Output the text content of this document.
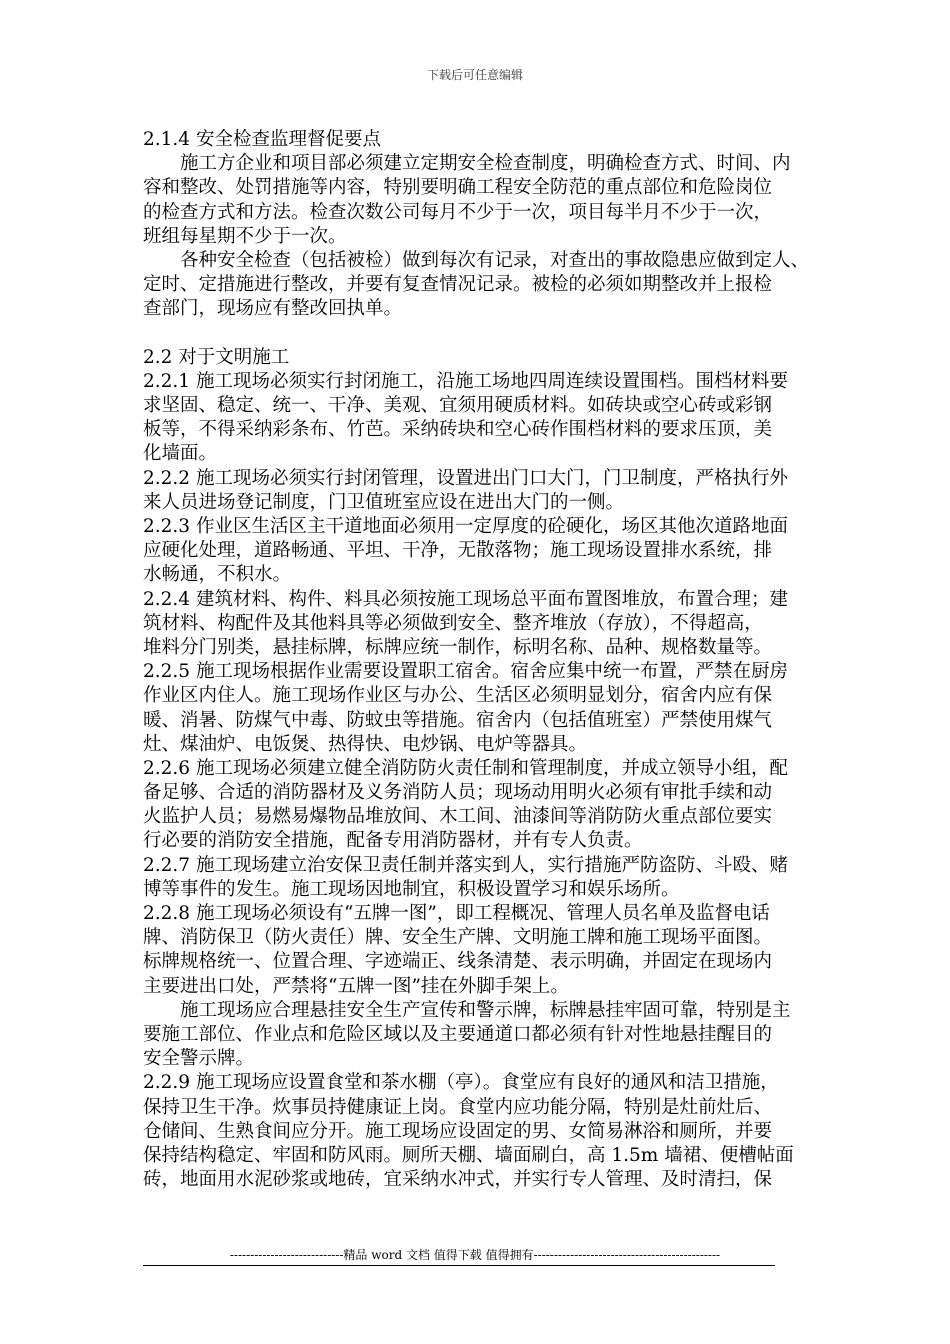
下载后可任意编辑
2.1.4 安全检查监理督促要点
　　施工方企业和项目部必须建立定期安全检查制度，明确检查方式、时间、内
容和整改、处罚措施等内容，特别要明确工程安全防范的重点部位和危险岗位
的检查方式和方法。检查次数公司每月不少于一次，项目每半月不少于一次，
班组每星期不少于一次。
　　各种安全检查（包括被检）做到每次有记录，对查出的事故隐患应做到定人、
定时、定措施进行整改，并要有复查情况记录。被检的必须如期整改并上报检
查部门，现场应有整改回执单。
2.2 对于文明施工
2.2.1 施工现场必须实行封闭施工，沿施工场地四周连续设置围档。围档材料要
求坚固、稳定、统一、干净、美观、宜须用硬质材料。如砖块或空心砖或彩钢
板等，不得采纳彩条布、竹芭。采纳砖块和空心砖作围档材料的要求压顶，美
化墙面。
2.2.2 施工现场必须实行封闭管理，设置进出门口大门，门卫制度，严格执行外
来人员进场登记制度，门卫值班室应设在进出大门的一侧。
2.2.3 作业区生活区主干道地面必须用一定厚度的砼硬化，场区其他次道路地面
应硬化处理，道路畅通、平坦、干净，无散落物；施工现场设置排水系统，排
水畅通，不积水。
2.2.4 建筑材料、构件、料具必须按施工现场总平面布置图堆放，布置合理；建
筑材料、构配件及其他料具等必须做到安全、整齐堆放（存放），不得超高，
堆料分门别类，悬挂标牌，标牌应统一制作，标明名称、品种、规格数量等。
2.2.5 施工现场根据作业需要设置职工宿舍。宿舍应集中统一布置，严禁在厨房
作业区内住人。施工现场作业区与办公、生活区必须明显划分，宿舍内应有保
暖、消暑、防煤气中毒、防蚊虫等措施。宿舍内（包括值班室）严禁使用煤气
灶、煤油炉、电饭煲、热得快、电炒锅、电炉等器具。
2.2.6 施工现场必须建立健全消防防火责任制和管理制度，并成立领导小组，配
备足够、合适的消防器材及义务消防人员；现场动用明火必须有审批手续和动
火监护人员；易燃易爆物品堆放间、木工间、油漆间等消防防火重点部位要实
行必要的消防安全措施，配备专用消防器材，并有专人负责。
2.2.7 施工现场建立治安保卫责任制并落实到人，实行措施严防盗防、斗殴、赌
博等事件的发生。施工现场因地制宜，积极设置学习和娱乐场所。
2.2.8 施工现场必须设有“五牌一图”，即工程概况、管理人员名单及监督电话
牌、消防保卫（防火责任）牌、安全生产牌、文明施工牌和施工现场平面图。
标牌规格统一、位置合理、字迹端正、线条清楚、表示明确，并固定在现场内
主要进出口处，严禁将“五牌一图”挂在外脚手架上。
　　施工现场应合理悬挂安全生产宣传和警示牌，标牌悬挂牢固可靠，特别是主
要施工部位、作业点和危险区域以及主要通道口都必须有针对性地悬挂醒目的
安全警示牌。
2.2.9 施工现场应设置食堂和茶水棚（亭）。食堂应有良好的通风和洁卫措施，
保持卫生干净。炊事员持健康证上岗。食堂内应功能分隔，特别是灶前灶后、
仓储间、生熟食间应分开。施工现场应设固定的男、女简易淋浴和厕所，并要
保持结构稳定、牢固和防风雨。厕所天棚、墙面刷白，高 1.5m 墙裙、便槽帖面
砖，地面用水泥砂浆或地砖，宜采纳水冲式，并实行专人管理、及时清扫，保
----------------------------精品 word 文档 值得下载 值得拥有----------------------------------------------
